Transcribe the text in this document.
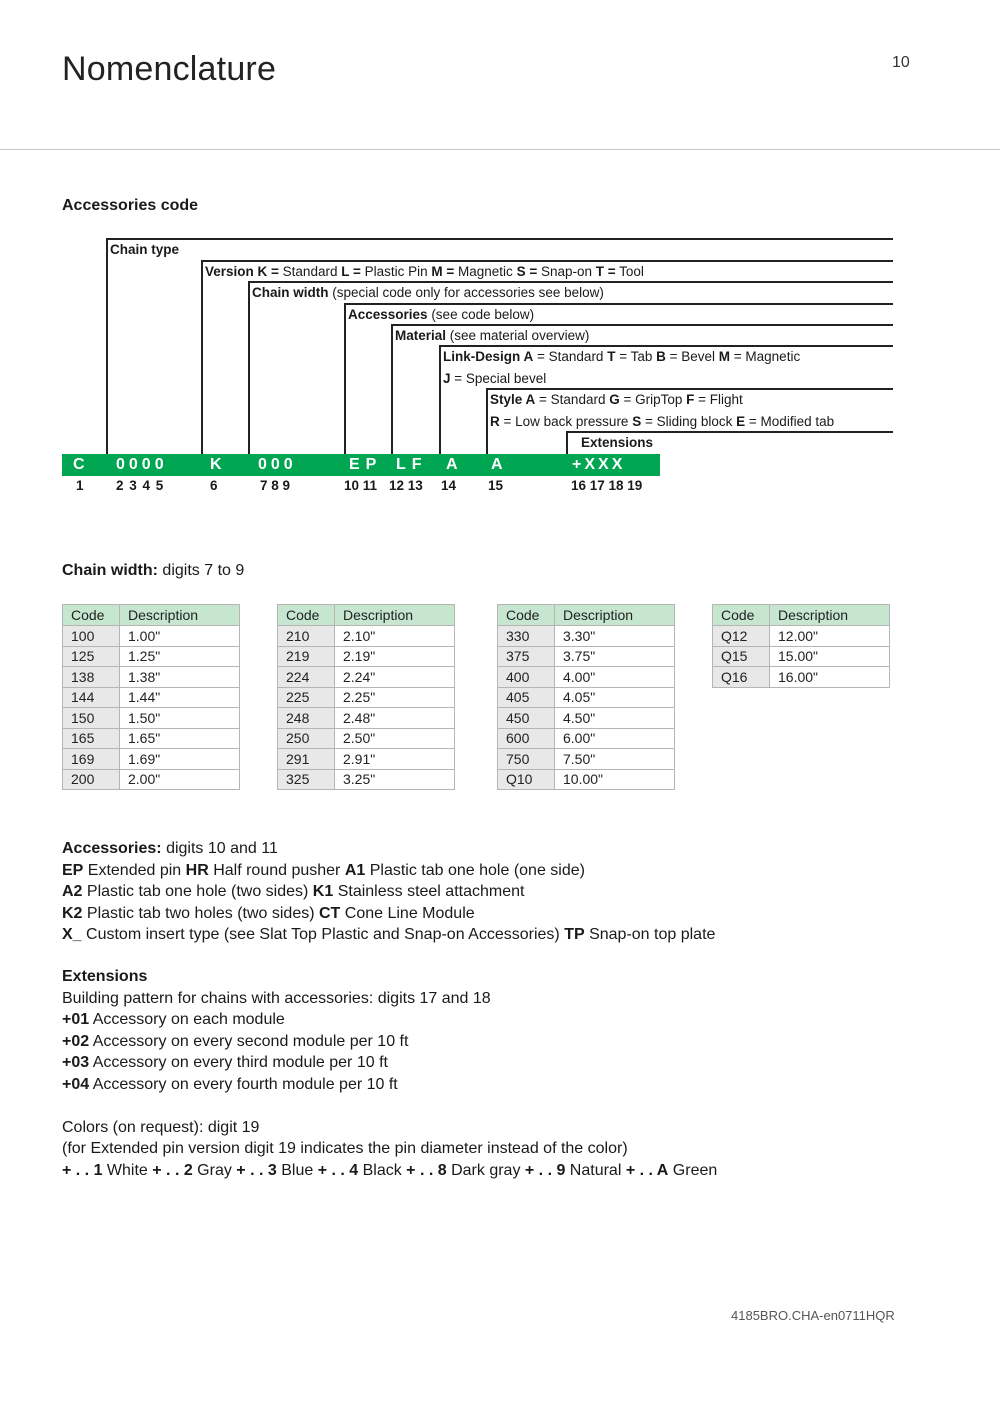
Nomenclature	10
Accessories code
Chain type
Version K = Standard L = Plastic Pin M = Magnetic S = Snap-on T = Tool
Chain width (special code only for accessories see below)
Accessories (see code below)
Material (see material overview)
Link-Design A = Standard T = Tab B = Bevel M = Magnetic
J = Special bevel
Style A = Standard G = GripTop F = Flight
R = Low back pressure S = Sliding block E = Modified tab
Extensions
C 0000	K 000	EP LF A A	+XXX
1 2 3 4 5	6	7 8 9	10 11 12 13 14 15	16 17 18 19
Chain width: digits 7 to 9
Code	Description
100	1.00"
125	1.25"
138	1.38"
144	1.44"
150	1.50"
165	1.65"
169	1.69"
200	2.00"
Code	Description
210	2.10"
219	2.19"
224	2.24"
225	2.25"
248	2.48"
250	2.50"
291	2.91"
325	3.25"
Code	Description
330	3.30"
375	3.75"
400	4.00"
405	4.05"
450	4.50"
600	6.00"
750	7.50"
Q10	10.00"
Code	Description
Q12	12.00"
Q15	15.00"
Q16	16.00"
Accessories: digits 10 and 11
EP Extended pin HR Half round pusher A1 Plastic tab one hole (one side)
A2 Plastic tab one hole (two sides) K1 Stainless steel attachment
K2 Plastic tab two holes (two sides) CT Cone Line Module
X_ Custom insert type (see Slat Top Plastic and Snap-on Accessories) TP Snap-on top plate
Extensions
Building pattern for chains with accessories: digits 17 and 18
+01 Accessory on each module
+02 Accessory on every second module per 10 ft
+03 Accessory on every third module per 10 ft
+04 Accessory on every fourth module per 10 ft
Colors (on request): digit 19
(for Extended pin version digit 19 indicates the pin diameter instead of the color)
+ . . 1 White + . . 2 Gray + . . 3 Blue + . . 4 Black + . . 8 Dark gray + . . 9 Natural + . . A Green
4185BRO.CHA-en0711HQR
